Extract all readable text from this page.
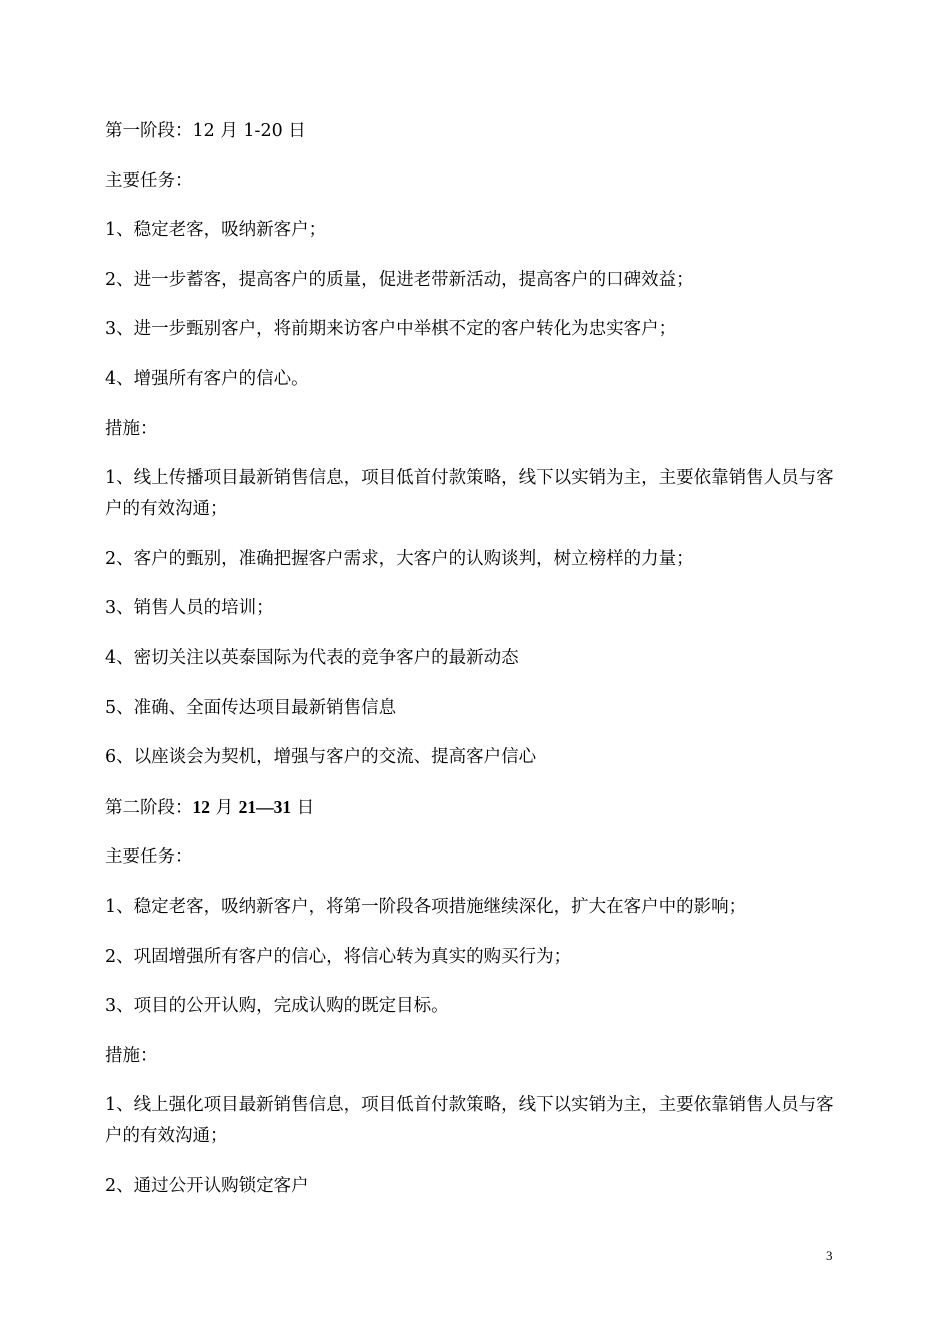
第一阶段：12 月 1-20 日

主要任务：

1、稳定老客，吸纳新客户；

2、进一步蓄客，提高客户的质量，促进老带新活动，提高客户的口碑效益；

3、进一步甄别客户，将前期来访客户中举棋不定的客户转化为忠实客户；

4、增强所有客户的信心。

措施：

1、线上传播项目最新销售信息，项目低首付款策略，线下以实销为主，主要依靠销售人员与客户的有效沟通；

2、客户的甄别，准确把握客户需求，大客户的认购谈判，树立榜样的力量；

3、销售人员的培训；

4、密切关注以英泰国际为代表的竞争客户的最新动态

5、准确、全面传达项目最新销售信息

6、以座谈会为契机，增强与客户的交流、提高客户信心

第二阶段：12 月 21—31 日

主要任务：

1、稳定老客，吸纳新客户，将第一阶段各项措施继续深化，扩大在客户中的影响；

2、巩固增强所有客户的信心，将信心转为真实的购买行为；

3、项目的公开认购，完成认购的既定目标。

措施：

1、线上强化项目最新销售信息，项目低首付款策略，线下以实销为主，主要依靠销售人员与客户的有效沟通；

2、通过公开认购锁定客户

3
